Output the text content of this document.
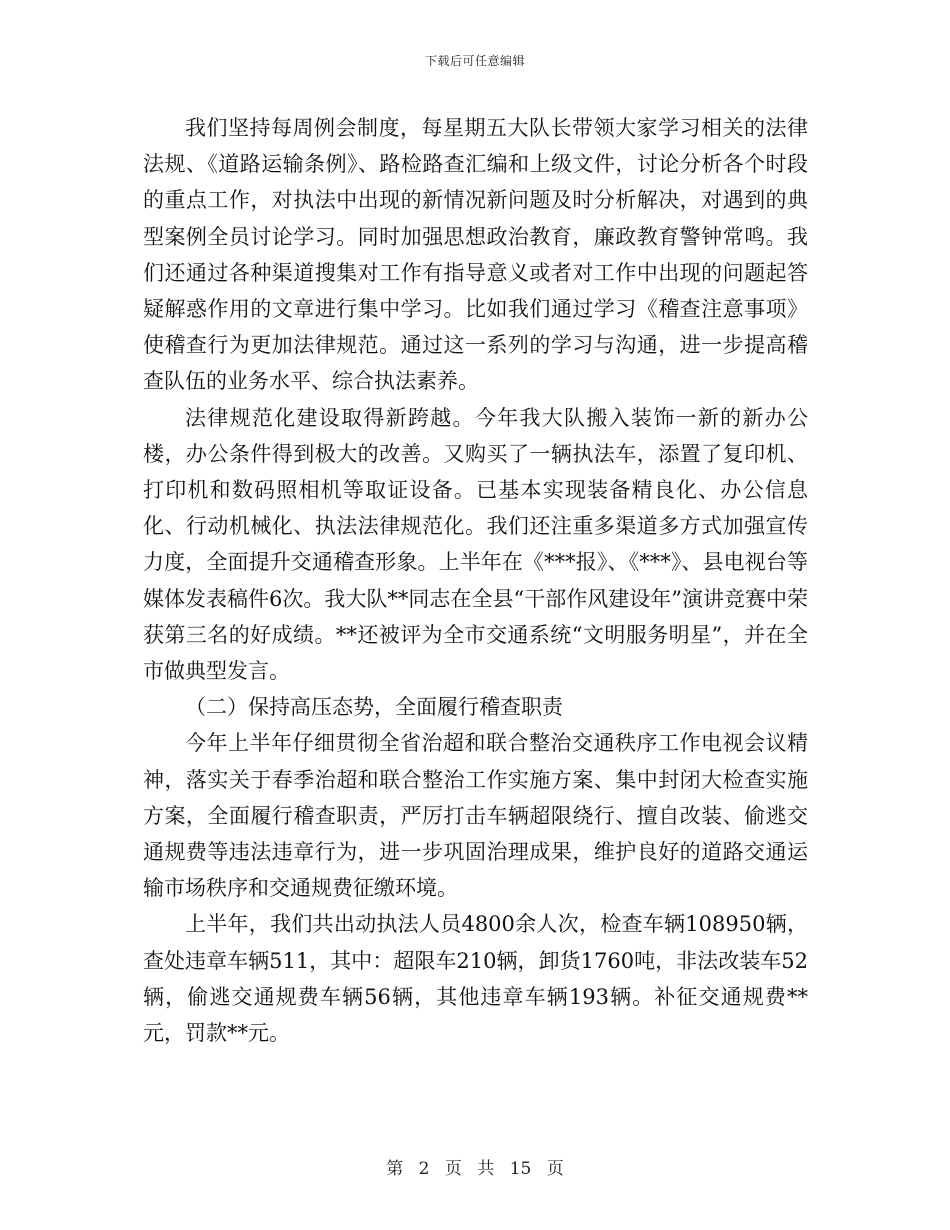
下载后可任意编辑

我们坚持每周例会制度，每星期五大队长带领大家学习相关的法律法规、《道路运输条例》、路检路查汇编和上级文件，讨论分析各个时段的重点工作，对执法中出现的新情况新问题及时分析解决，对遇到的典型案例全员讨论学习。同时加强思想政治教育，廉政教育警钟常鸣。我们还通过各种渠道搜集对工作有指导意义或者对工作中出现的问题起答疑解惑作用的文章进行集中学习。比如我们通过学习《稽查注意事项》使稽查行为更加法律规范。通过这一系列的学习与沟通，进一步提高稽查队伍的业务水平、综合执法素养。

法律规范化建设取得新跨越。今年我大队搬入装饰一新的新办公楼，办公条件得到极大的改善。又购买了一辆执法车，添置了复印机、打印机和数码照相机等取证设备。已基本实现装备精良化、办公信息化、行动机械化、执法法律规范化。我们还注重多渠道多方式加强宣传力度，全面提升交通稽查形象。上半年在《***报》、《***》、县电视台等媒体发表稿件6次。我大队**同志在全县“干部作风建设年”演讲竞赛中荣获第三名的好成绩。**还被评为全市交通系统“文明服务明星”，并在全市做典型发言。

（二）保持高压态势，全面履行稽查职责

今年上半年仔细贯彻全省治超和联合整治交通秩序工作电视会议精神，落实关于春季治超和联合整治工作实施方案、集中封闭大检查实施方案，全面履行稽查职责，严厉打击车辆超限绕行、擅自改装、偷逃交通规费等违法违章行为，进一步巩固治理成果，维护良好的道路交通运输市场秩序和交通规费征缴环境。

上半年，我们共出动执法人员4800余人次，检查车辆108950辆，查处违章车辆511，其中：超限车210辆，卸货1760吨，非法改装车52辆，偷逃交通规费车辆56辆，其他违章车辆193辆。补征交通规费**元，罚款**元。

第 2 页 共 15 页
